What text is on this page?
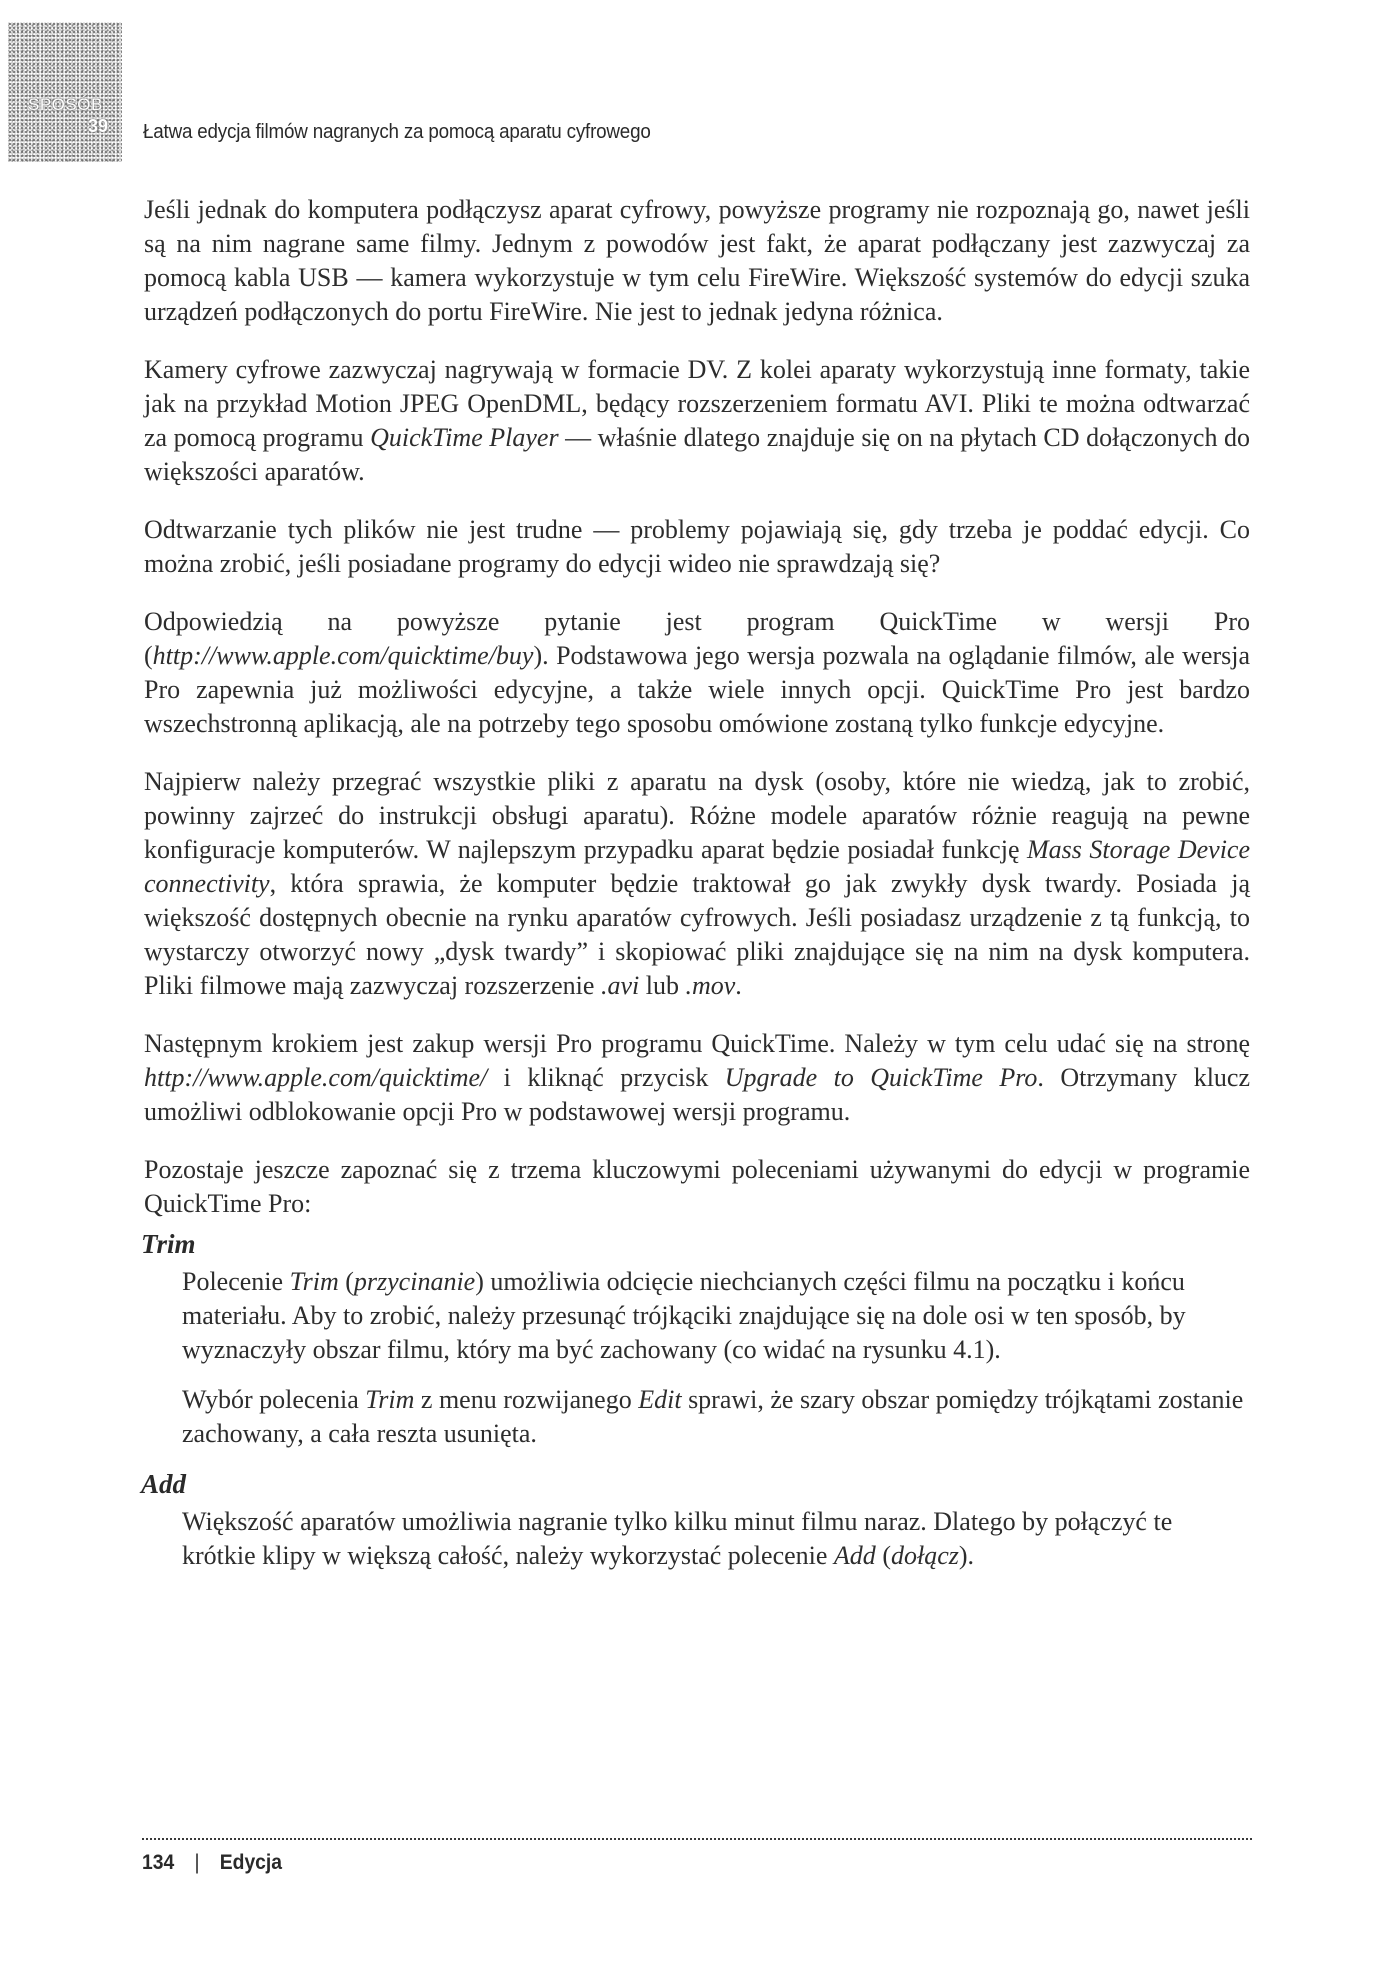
SPOSÓB
39 Łatwa edycja filmów nagranych za pomocą aparatu cyfrowego

Jeśli jednak do komputera podłączysz aparat cyfrowy, powyższe programy nie rozpoznają go, nawet jeśli są na nim nagrane same filmy. Jednym z powodów jest fakt, że aparat podłączany jest zazwyczaj za pomocą kabla USB — kamera wykorzystuje w tym celu FireWire. Większość systemów do edycji szuka urządzeń podłączonych do portu FireWire. Nie jest to jednak jedyna różnica.

Kamery cyfrowe zazwyczaj nagrywają w formacie DV. Z kolei aparaty wykorzystują inne formaty, takie jak na przykład Motion JPEG OpenDML, będący rozszerzeniem formatu AVI. Pliki te można odtwarzać za pomocą programu QuickTime Player — właśnie dlatego znajduje się on na płytach CD dołączonych do większości aparatów.

Odtwarzanie tych plików nie jest trudne — problemy pojawiają się, gdy trzeba je poddać edycji. Co można zrobić, jeśli posiadane programy do edycji wideo nie sprawdzają się?

Odpowiedzią na powyższe pytanie jest program QuickTime w wersji Pro (http://www.apple.com/quicktime/buy). Podstawowa jego wersja pozwala na oglądanie filmów, ale wersja Pro zapewnia już możliwości edycyjne, a także wiele innych opcji. QuickTime Pro jest bardzo wszechstronną aplikacją, ale na potrzeby tego sposobu omówione zostaną tylko funkcje edycyjne.

Najpierw należy przegrać wszystkie pliki z aparatu na dysk (osoby, które nie wiedzą, jak to zrobić, powinny zajrzeć do instrukcji obsługi aparatu). Różne modele aparatów różnie reagują na pewne konfiguracje komputerów. W najlepszym przypadku aparat będzie posiadał funkcję Mass Storage Device connectivity, która sprawia, że komputer będzie traktował go jak zwykły dysk twardy. Posiada ją większość dostępnych obecnie na rynku aparatów cyfrowych. Jeśli posiadasz urządzenie z tą funkcją, to wystarczy otworzyć nowy „dysk twardy” i skopiować pliki znajdujące się na nim na dysk komputera. Pliki filmowe mają zazwyczaj rozszerzenie .avi lub .mov.

Następnym krokiem jest zakup wersji Pro programu QuickTime. Należy w tym celu udać się na stronę http://www.apple.com/quicktime/ i kliknąć przycisk Upgrade to QuickTime Pro. Otrzymany klucz umożliwi odblokowanie opcji Pro w podstawowej wersji programu.

Pozostaje jeszcze zapoznać się z trzema kluczowymi poleceniami używanymi do edycji w programie QuickTime Pro:

Trim

Polecenie Trim (przycinanie) umożliwia odcięcie niechcianych części filmu na początku i końcu materiału. Aby to zrobić, należy przesunąć trójkąciki znajdujące się na dole osi w ten sposób, by wyznaczyły obszar filmu, który ma być zachowany (co widać na rysunku 4.1).

Wybór polecenia Trim z menu rozwijanego Edit sprawi, że szary obszar pomiędzy trójkątami zostanie zachowany, a cała reszta usunięta.

Add

Większość aparatów umożliwia nagranie tylko kilku minut filmu naraz. Dlatego by połączyć te krótkie klipy w większą całość, należy wykorzystać polecenie Add (dołącz).

134 | Edycja
